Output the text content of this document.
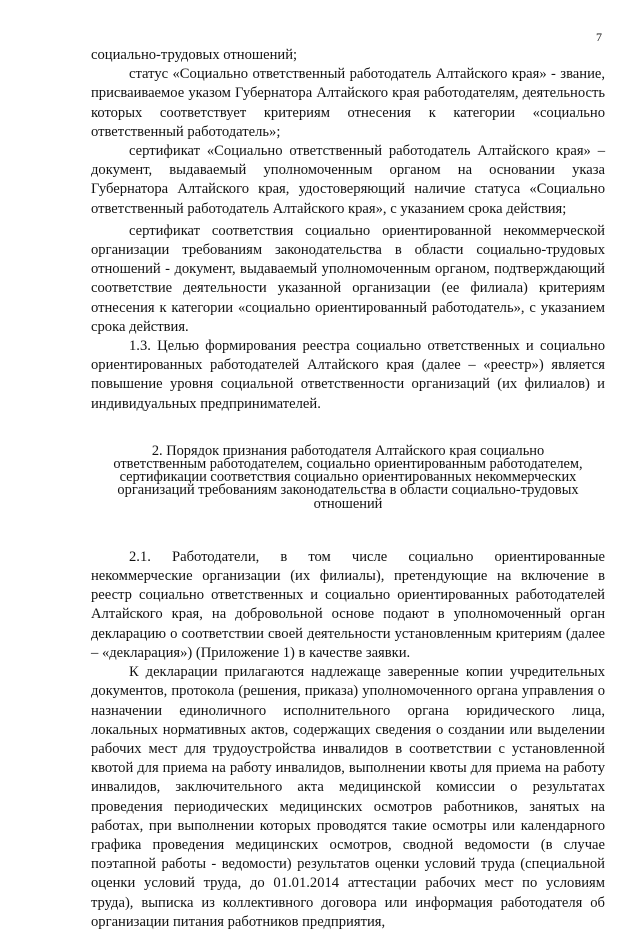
7

социально-трудовых отношений;

статус «Социально ответственный работодатель Алтайского края» - звание, присваиваемое указом Губернатора Алтайского края работодателям, деятельность которых соответствует критериям отнесения к категории «социально ответственный работодатель»;

сертификат «Социально ответственный работодатель Алтайского края» – документ, выдаваемый уполномоченным органом на основании указа Губернатора Алтайского края, удостоверяющий наличие статуса «Социально ответственный работодатель Алтайского края», с указанием срока действия;

сертификат соответствия социально ориентированной некоммерческой организации требованиям законодательства в области социально-трудовых отношений - документ, выдаваемый уполномоченным органом, подтверждающий соответствие деятельности указанной организации (ее филиала) критериям отнесения к категории «социально ориентированный работодатель», с указанием срока действия.

1.3. Целью формирования реестра социально ответственных и социально ориентированных работодателей Алтайского края (далее – «реестр») является повышение уровня социальной ответственности организаций (их филиалов) и индивидуальных предпринимателей.

2. Порядок признания работодателя Алтайского края социально
ответственным работодателем, социально ориентированным работодателем,
сертификации соответствия социально ориентированных некоммерческих
организаций требованиям законодательства в области социально-трудовых
отношений

2.1. Работодатели, в том числе социально ориентированные некоммерческие организации (их филиалы), претендующие на включение в реестр социально ответственных и социально ориентированных работодателей Алтайского края, на добровольной основе подают в уполномоченный орган декларацию о соответствии своей деятельности установленным критериям (далее – «декларация») (Приложение 1) в качестве заявки.

К декларации прилагаются надлежаще заверенные копии учредительных документов, протокола (решения, приказа) уполномоченного органа управления о назначении единоличного исполнительного органа юридического лица, локальных нормативных актов, содержащих сведения о создании или выделении рабочих мест для трудоустройства инвалидов в соответствии с установленной квотой для приема на работу инвалидов, выполнении квоты для приема на работу инвалидов, заключительного акта медицинской комиссии о результатах проведения периодических медицинских осмотров работников, занятых на работах, при выполнении которых проводятся такие осмотры или календарного графика проведения медицинских осмотров, сводной ведомости (в случае поэтапной работы - ведомости) результатов оценки условий труда (специальной оценки условий труда, до 01.01.2014 аттестации рабочих мест по условиям труда), выписка из коллективного договора или информация работодателя об организации питания работников предприятия,
